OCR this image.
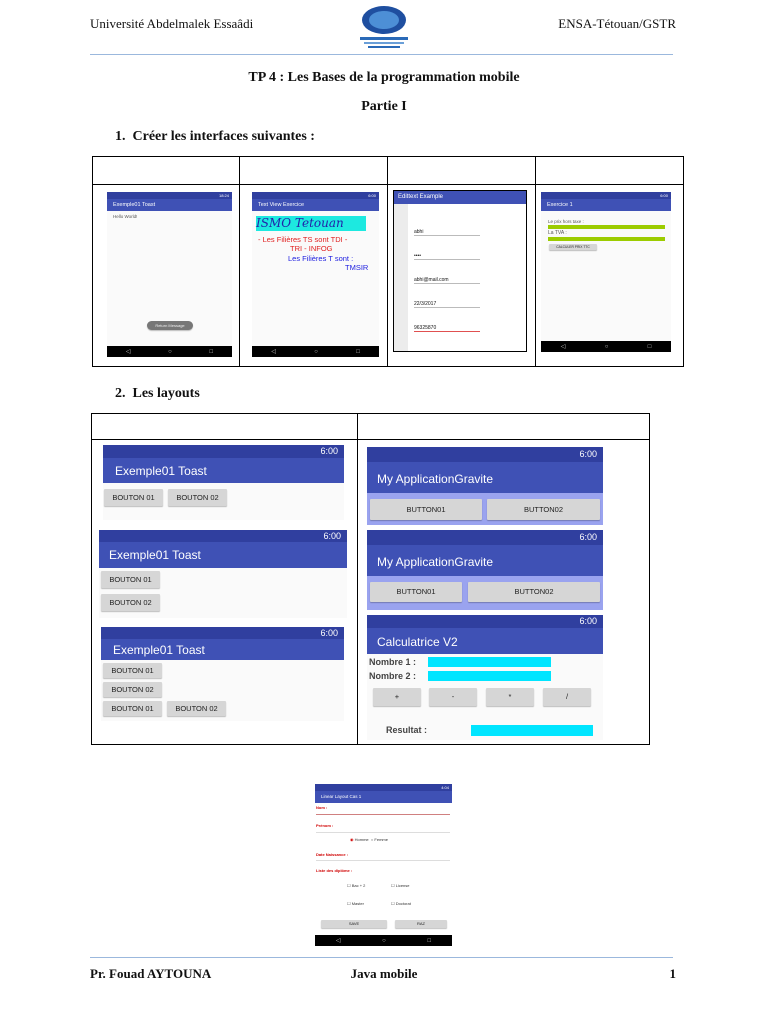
Université Abdelmalek Essaâdi	ENSA-Tétouan/GSTR
TP 4 : Les Bases de la programmation mobile
Partie I
1. Créer les interfaces suivantes :
18:24
Exemple01 Toast
Hello World!
Return Message
◁	○	□
6:00
Text View Exercice
ISMO Tetouan
- Les Filières TS sont TDI -
TRI - INFOG
Les Filières T sont :
TMSIR
◁	○	□
Edittext Example
abhi
••••
abhi@mail.com
22/3/2017
96325870
6:00
Exercice 1
Le prix hors taxe :
La TVA :
CALCULER PRIX TTC
◁	○	□
2. Les layouts
6:00
Exemple01 Toast
BOUTON 01	BOUTON 02
6:00
Exemple01 Toast
BOUTON 01
BOUTON 02
6:00
Exemple01 Toast
BOUTON 01
BOUTON 02
BOUTON 01	BOUTON 02
6:00
My ApplicationGravite
BUTTON01	BUTTON02
6:00
My ApplicationGravite
BUTTON01	BUTTON02
6:00
Calculatrice V2
Nombre 1 :
Nombre 2 :
+	-	*	/
Resultat :
4:04
Linear Layout Cas 1
Nom :
Prénom :
◉ Homme ○ Femme
Date Naissance :
Liste des diplôme :
☐ Bac + 2	☐ License
☐ Master	☐ Doctorat
SAVE	RAZ
◁	○	□
Pr. Fouad AYTOUNA	Java mobile	1
